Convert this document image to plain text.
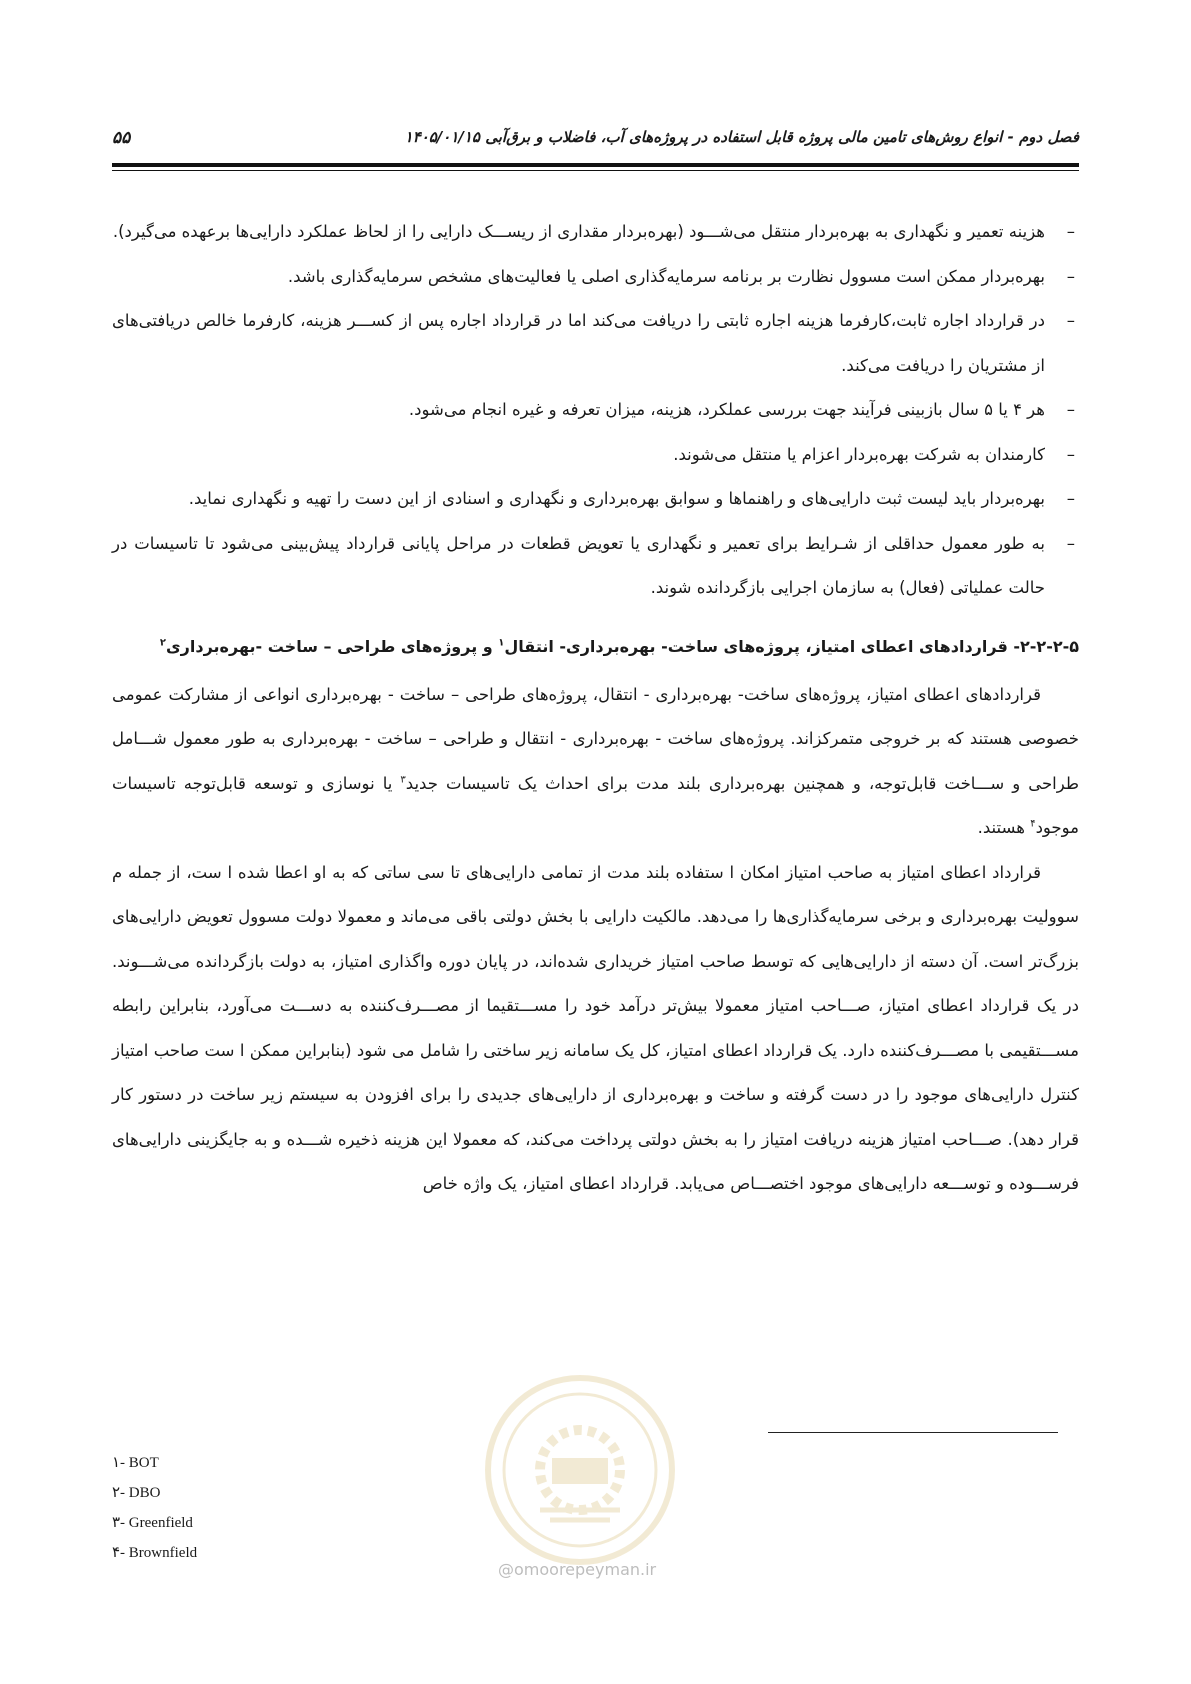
فصل دوم - انواع روش‌های تامین مالی پروژه قابل استفاده در پروژه‌های آب، فاضلاب و برق‌آبی ۱۴۰۵/۰۱/۱۵
۵۵
–
هزینه تعمیر و نگهداری به بهره‌بردار منتقل می‌شـــود (بهره‌بردار مقداری از ریســـک دارایی را از لحاظ عملکرد دارایی‌ها برعهده می‌گیرد).
–
بهره‌بردار ممکن است مسوول نظارت بر برنامه سرمایه‌گذاری اصلی یا فعالیت‌های مشخص سرمایه‌گذاری باشد.
–
در قرارداد اجاره ثابت،کارفرما هزینه اجاره ثابتی را دریافت می‌کند اما در قرارداد اجاره پس از کســـر هزینه، کارفرما خالص دریافتی‌های از مشتریان را دریافت می‌کند.
–
هر ۴ یا ۵ سال بازبینی فرآیند جهت بررسی عملکرد، هزینه، میزان تعرفه و غیره انجام می‌شود.
–
کارمندان به شرکت بهره‌بردار اعزام یا منتقل می‌شوند.
–
بهره‌بردار باید لیست ثبت دارایی‌های و راهنماها و سوابق بهره‌برداری و نگهداری و اسنادی از این دست را تهیه و نگهداری نماید.
–
به طور معمول حداقلی از شـرایط برای تعمیر و نگهداری یا تعویض قطعات در مراحل پایانی قرارداد پیش‌بینی می‌شود تا تاسیسات در حالت عملیاتی (فعال) به سازمان اجرایی بازگردانده شوند.
۲-۲-۲-۵- قراردادهای اعطای امتیاز، پروژه‌های ساخت- بهره‌برداری- انتقال$^۱$ و پروژه‌های طراحی – ساخت -بهره‌برداری$^۲$

قراردادهای اعطای امتیاز، پروژه‌های ساخت- بهره‌برداری - انتقال، پروژه‌های طراحی – ساخت - بهره‌برداری انواعی از مشارکت عمومی خصوصی هستند که بر خروجی متمرکزاند. پروژه‌های ساخت - بهره‌برداری - انتقال و طراحی – ساخت - بهره‌برداری به طور معمول شـــامل طراحی و ســـاخت قابل‌توجه، و همچنین بهره‌برداری بلند مدت برای احداث یک تاسیسات جدید$^۳$ یا نوسازی و توسعه قابل‌توجه تاسیسات موجود$^۴$ هستند.

قرارداد اعطای امتیاز به صاحب امتیاز امکان ا ستفاده بلند مدت از تمامی دارایی‌های تا سی ساتی که به او اعطا شده ا ست، از جمله م سوولیت بهره‌برداری و برخی سرمایه‌گذاری‌ها را می‌دهد. مالکیت دارایی با بخش دولتی باقی می‌ماند و معمولا دولت مسوول تعویض دارایی‌های بزرگ‌تر است. آن دسته از دارایی‌هایی که توسط صاحب امتیاز خریداری شده‌اند، در پایان دوره واگذاری امتیاز، به دولت بازگردانده می‌شـــوند. در یک قرارداد اعطای امتیاز، صـــاحب امتیاز معمولا بیش‌تر درآمد خود را مســـتقیما از مصـــرف‌کننده به دســـت می‌آورد، بنابراین رابطه مســـتقیمی با مصـــرف‌کننده دارد. یک قرارداد اعطای امتیاز، کل یک سامانه زیر ساختی را شامل می شود (بنابراین ممکن ا ست صاحب امتیاز کنترل دارایی‌های موجود را در دست گرفته و ساخت و بهره‌برداری از دارایی‌های جدیدی را برای افزودن به سیستم زیر ساخت در دستور کار قرار دهد). صـــاحب امتیاز هزینه دریافت امتیاز را به بخش دولتی پرداخت می‌کند، که معمولا این هزینه ذخیره شـــده و به جایگزینی دارایی‌های فرســـوده و توســـعه دارایی‌های موجود اختصـــاص می‌یابد. قرارداد اعطای امتیاز، یک واژه خاص

@omoorepeyman.ir
۱- BOT
۲- DBO
۳- Greenfield
۴- Brownfield
